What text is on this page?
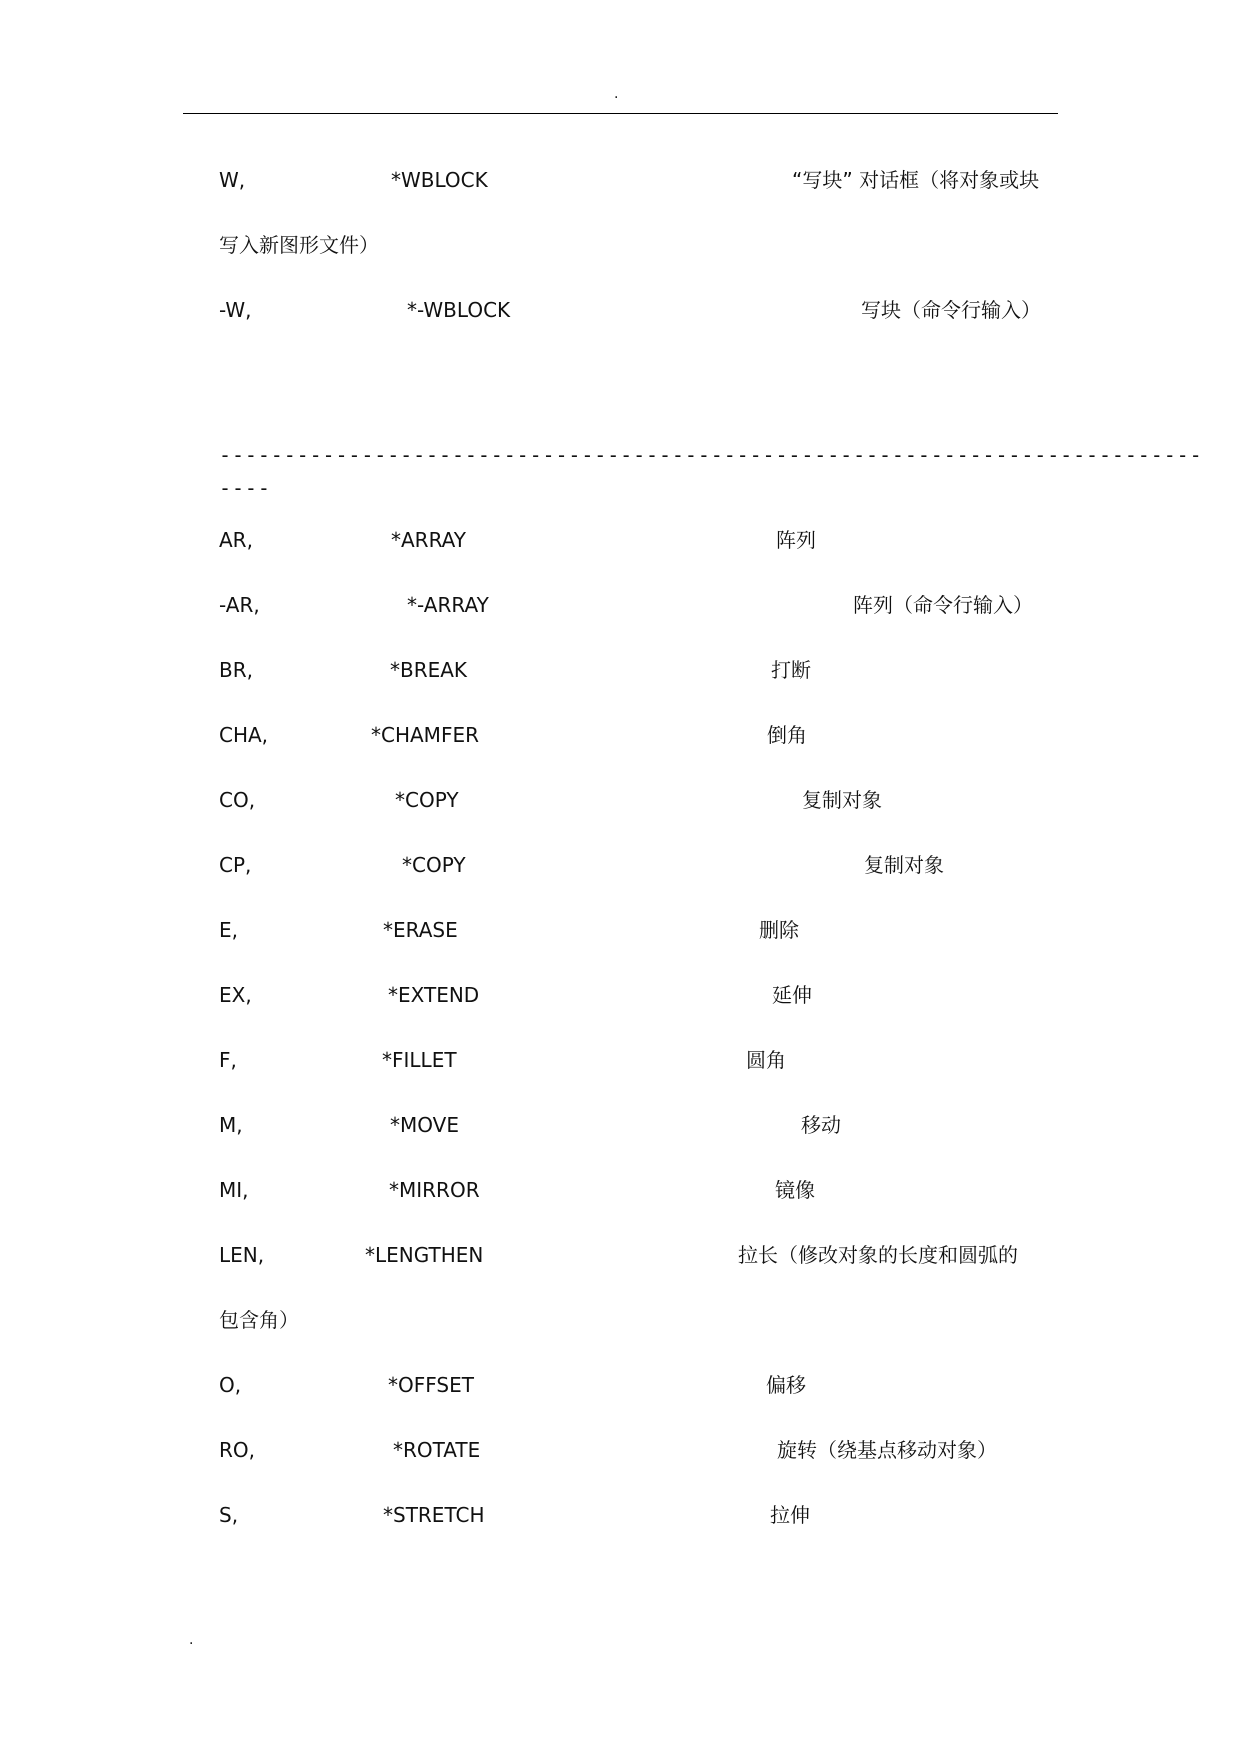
.
W,	*WBLOCK	“写块” 对话框（将对象或块
写入新图形文件）
-W,	*-WBLOCK	写块（命令行输入）
----------------------------------------------------------------------------
----
AR,	*ARRAY	阵列
-AR,	*-ARRAY	阵列（命令行输入）
BR,	*BREAK	打断
CHA,	*CHAMFER	倒角
CO,	*COPY	复制对象
CP,	*COPY	复制对象
E,	*ERASE	删除
EX,	*EXTEND	延伸
F,	*FILLET	圆角
M,	*MOVE	移动
MI,	*MIRROR	镜像
LEN,	*LENGTHEN	拉长（修改对象的长度和圆弧的
包含角）
O,	*OFFSET	偏移
RO,	*ROTATE	旋转（绕基点移动对象）
S,	*STRETCH	拉伸
.
